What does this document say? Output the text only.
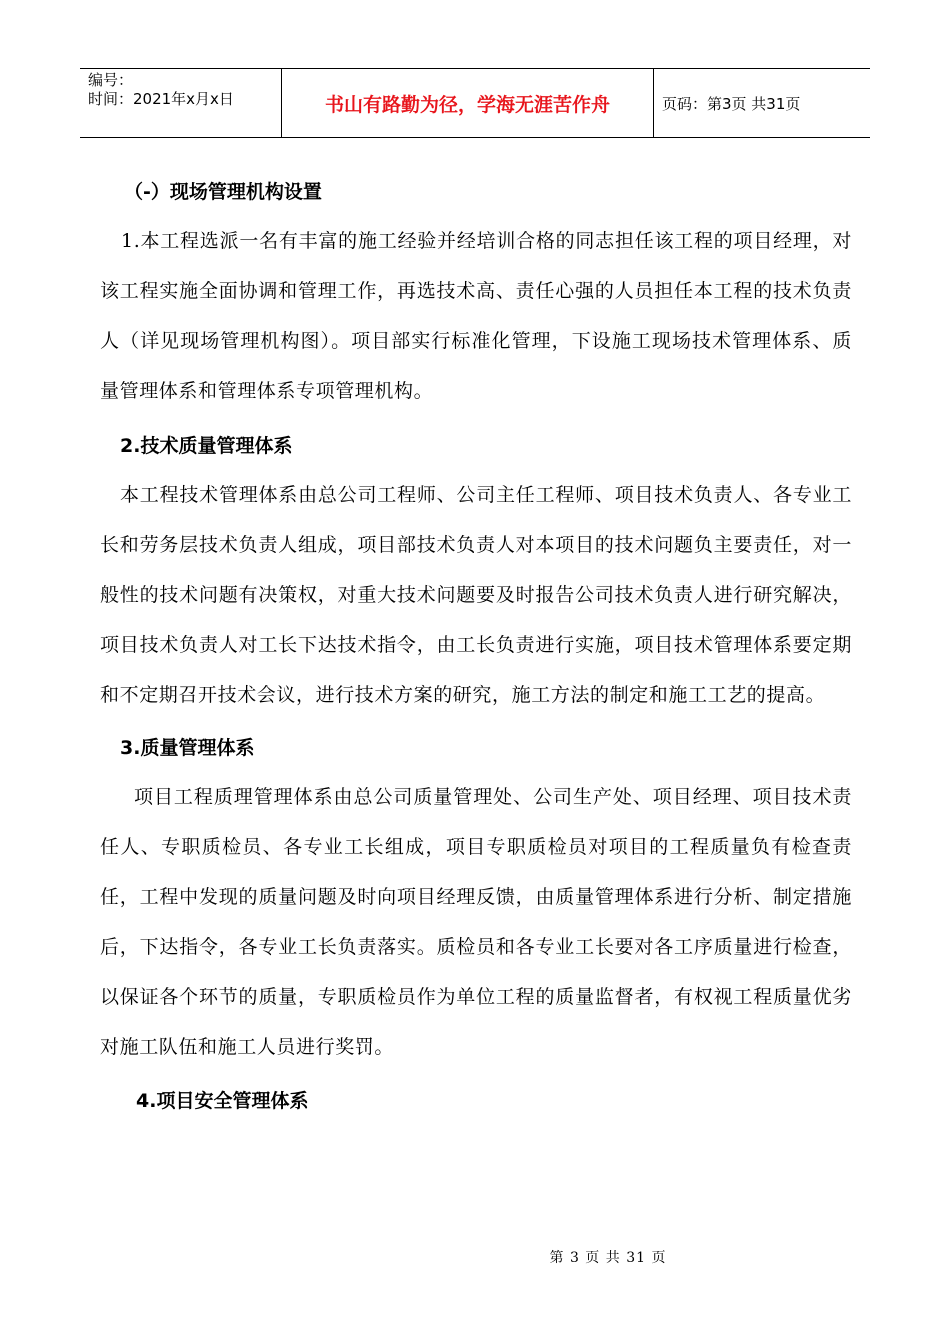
编号：
时间：2021年x月x日	书山有路勤为径，学海无涯苦作舟	页码：第3页 共31页
（-）现场管理机构设置

1.本工程选派一名有丰富的施工经验并经培训合格的同志担任该工程的项目经理，对该工程实施全面协调和管理工作，再选技术高、责任心强的人员担任本工程的技术负责人（详见现场管理机构图）。项目部实行标准化管理，下设施工现场技术管理体系、质量管理体系和管理体系专项管理机构。

2.技术质量管理体系

本工程技术管理体系由总公司工程师、公司主任工程师、项目技术负责人、各专业工长和劳务层技术负责人组成，项目部技术负责人对本项目的技术问题负主要责任，对一般性的技术问题有决策权，对重大技术问题要及时报告公司技术负责人进行研究解决，项目技术负责人对工长下达技术指令，由工长负责进行实施，项目技术管理体系要定期和不定期召开技术会议，进行技术方案的研究，施工方法的制定和施工工艺的提高。

3.质量管理体系

项目工程质理管理体系由总公司质量管理处、公司生产处、项目经理、项目技术责任人、专职质检员、各专业工长组成，项目专职质检员对项目的工程质量负有检查责任，工程中发现的质量问题及时向项目经理反馈，由质量管理体系进行分析、制定措施后，下达指令，各专业工长负责落实。质检员和各专业工长要对各工序质量进行检查，以保证各个环节的质量，专职质检员作为单位工程的质量监督者，有权视工程质量优劣对施工队伍和施工人员进行奖罚。

4.项目安全管理体系
第 3 页 共 31 页
